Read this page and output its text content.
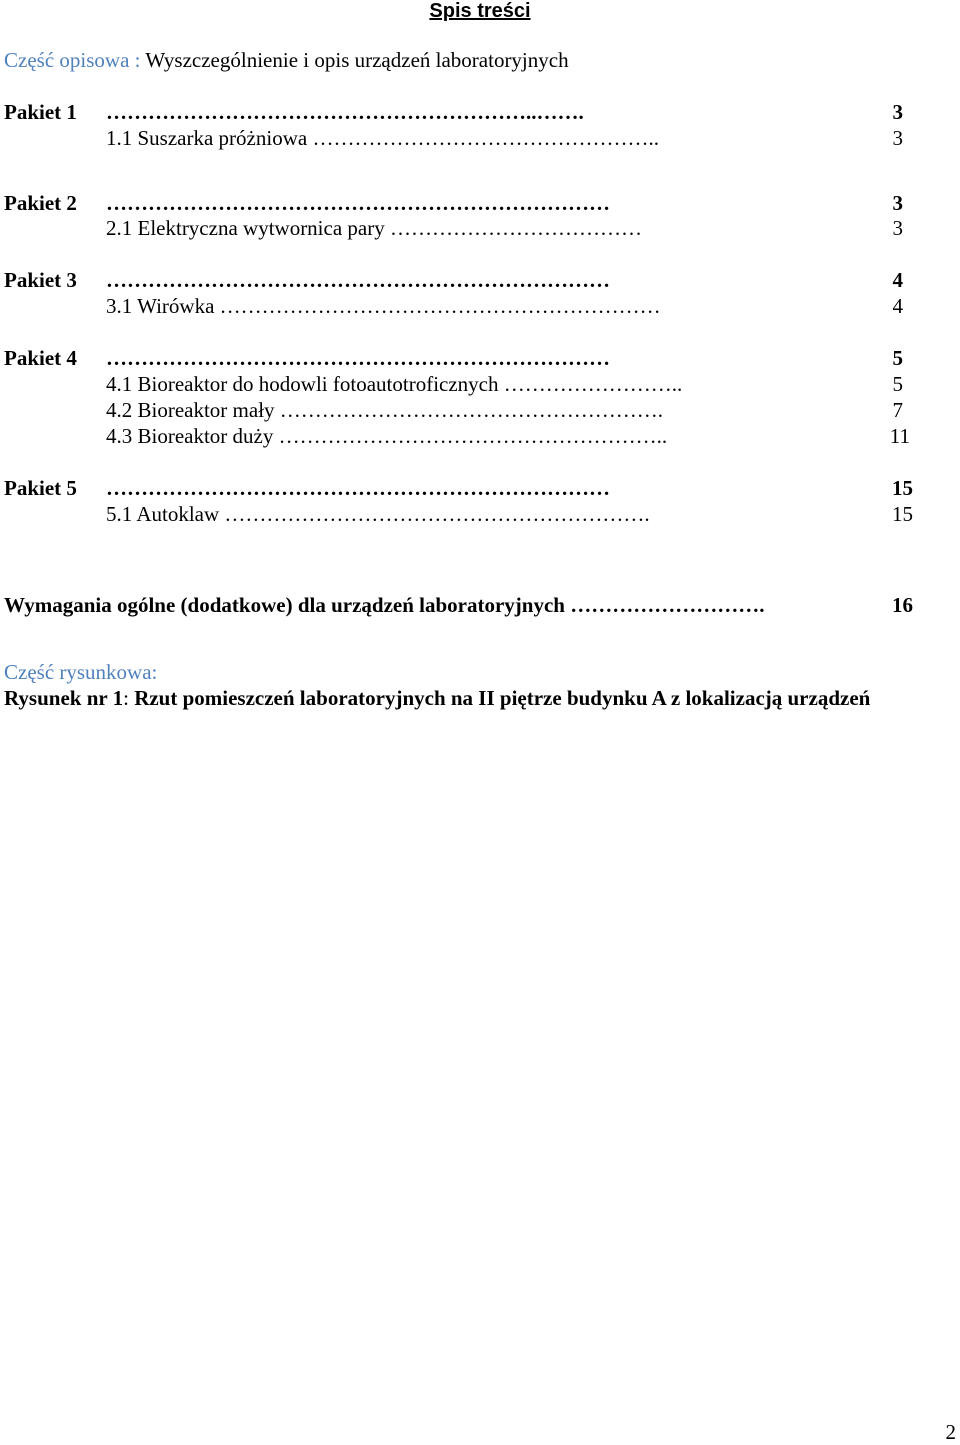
Spis treści
Część opisowa : Wyszczególnienie i opis urządzeń laboratoryjnych
Pakiet 1 ……………………………………………………..…….	3
1.1 Suszarka próżniowa …………………………………………..	3
Pakiet 2 ………………………………………………………………	3
2.1 Elektryczna wytwornica pary ………………………………	3
Pakiet 3 ………………………………………………………………	4
3.1 Wirówka ………………………………………………………	4
Pakiet 4 ………………………………………………………………	5
4.1 Bioreaktor do hodowli fotoautotroficznych ……………………..	5
4.2 Bioreaktor mały ……………………………………………….	7
4.3 Bioreaktor duży ………………………………………………..	11
Pakiet 5 ………………………………………………………………	15
5.1 Autoklaw …………………………………………………….	15
Wymagania ogólne (dodatkowe) dla urządzeń laboratoryjnych ……………………….	16
Część rysunkowa:
Rysunek nr 1: Rzut pomieszczeń laboratoryjnych na II piętrze budynku A z lokalizacją urządzeń
2
